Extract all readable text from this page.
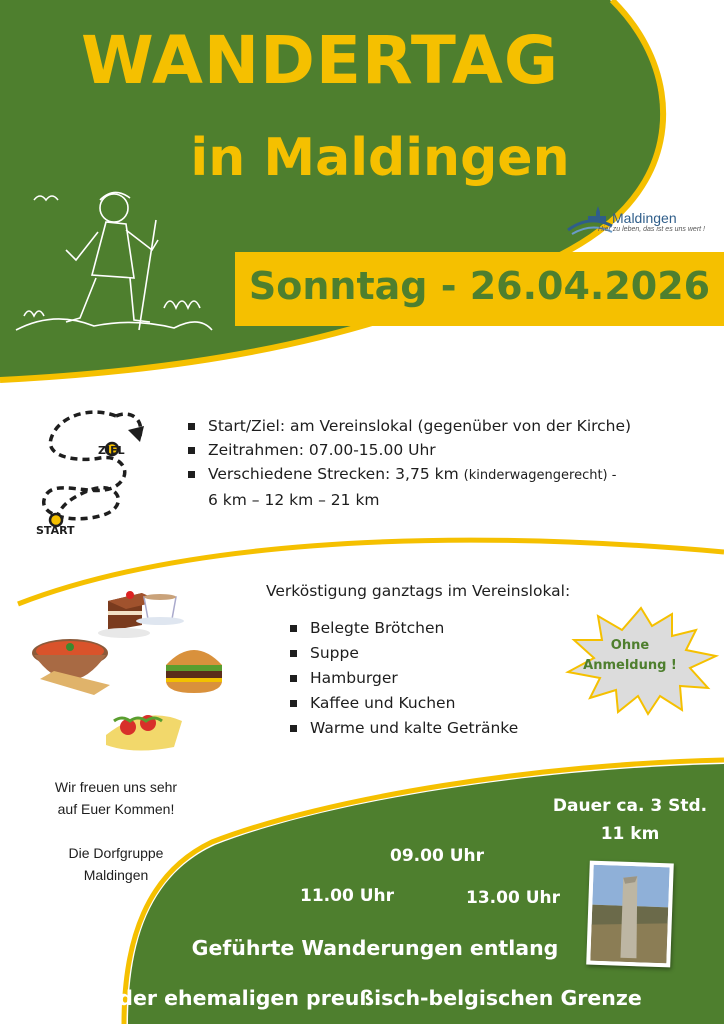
WANDERTAG
in Maldingen
Maldingen
Hier zu leben, das ist es uns wert !
Sonntag - 26.04.2026
ZIEL
START
Start/Ziel: am Vereinslokal (gegenüber von der Kirche)
Zeitrahmen: 07.00-15.00 Uhr
Verschiedene Strecken: 3,75 km (kinderwagengerecht) -
6 km – 12 km – 21 km
Verköstigung ganztags im Vereinslokal:
Belegte Brötchen
Suppe
Hamburger
Kaffee und Kuchen
Warme und kalte Getränke
Ohne
Anmeldung !
Wir freuen uns sehr
auf Euer Kommen!
Die Dorfgruppe
Maldingen
Dauer ca. 3 Std.
11 km
09.00 Uhr
11.00 Uhr	13.00 Uhr
Geführte Wanderungen entlang
der ehemaligen preußisch-belgischen Grenze
